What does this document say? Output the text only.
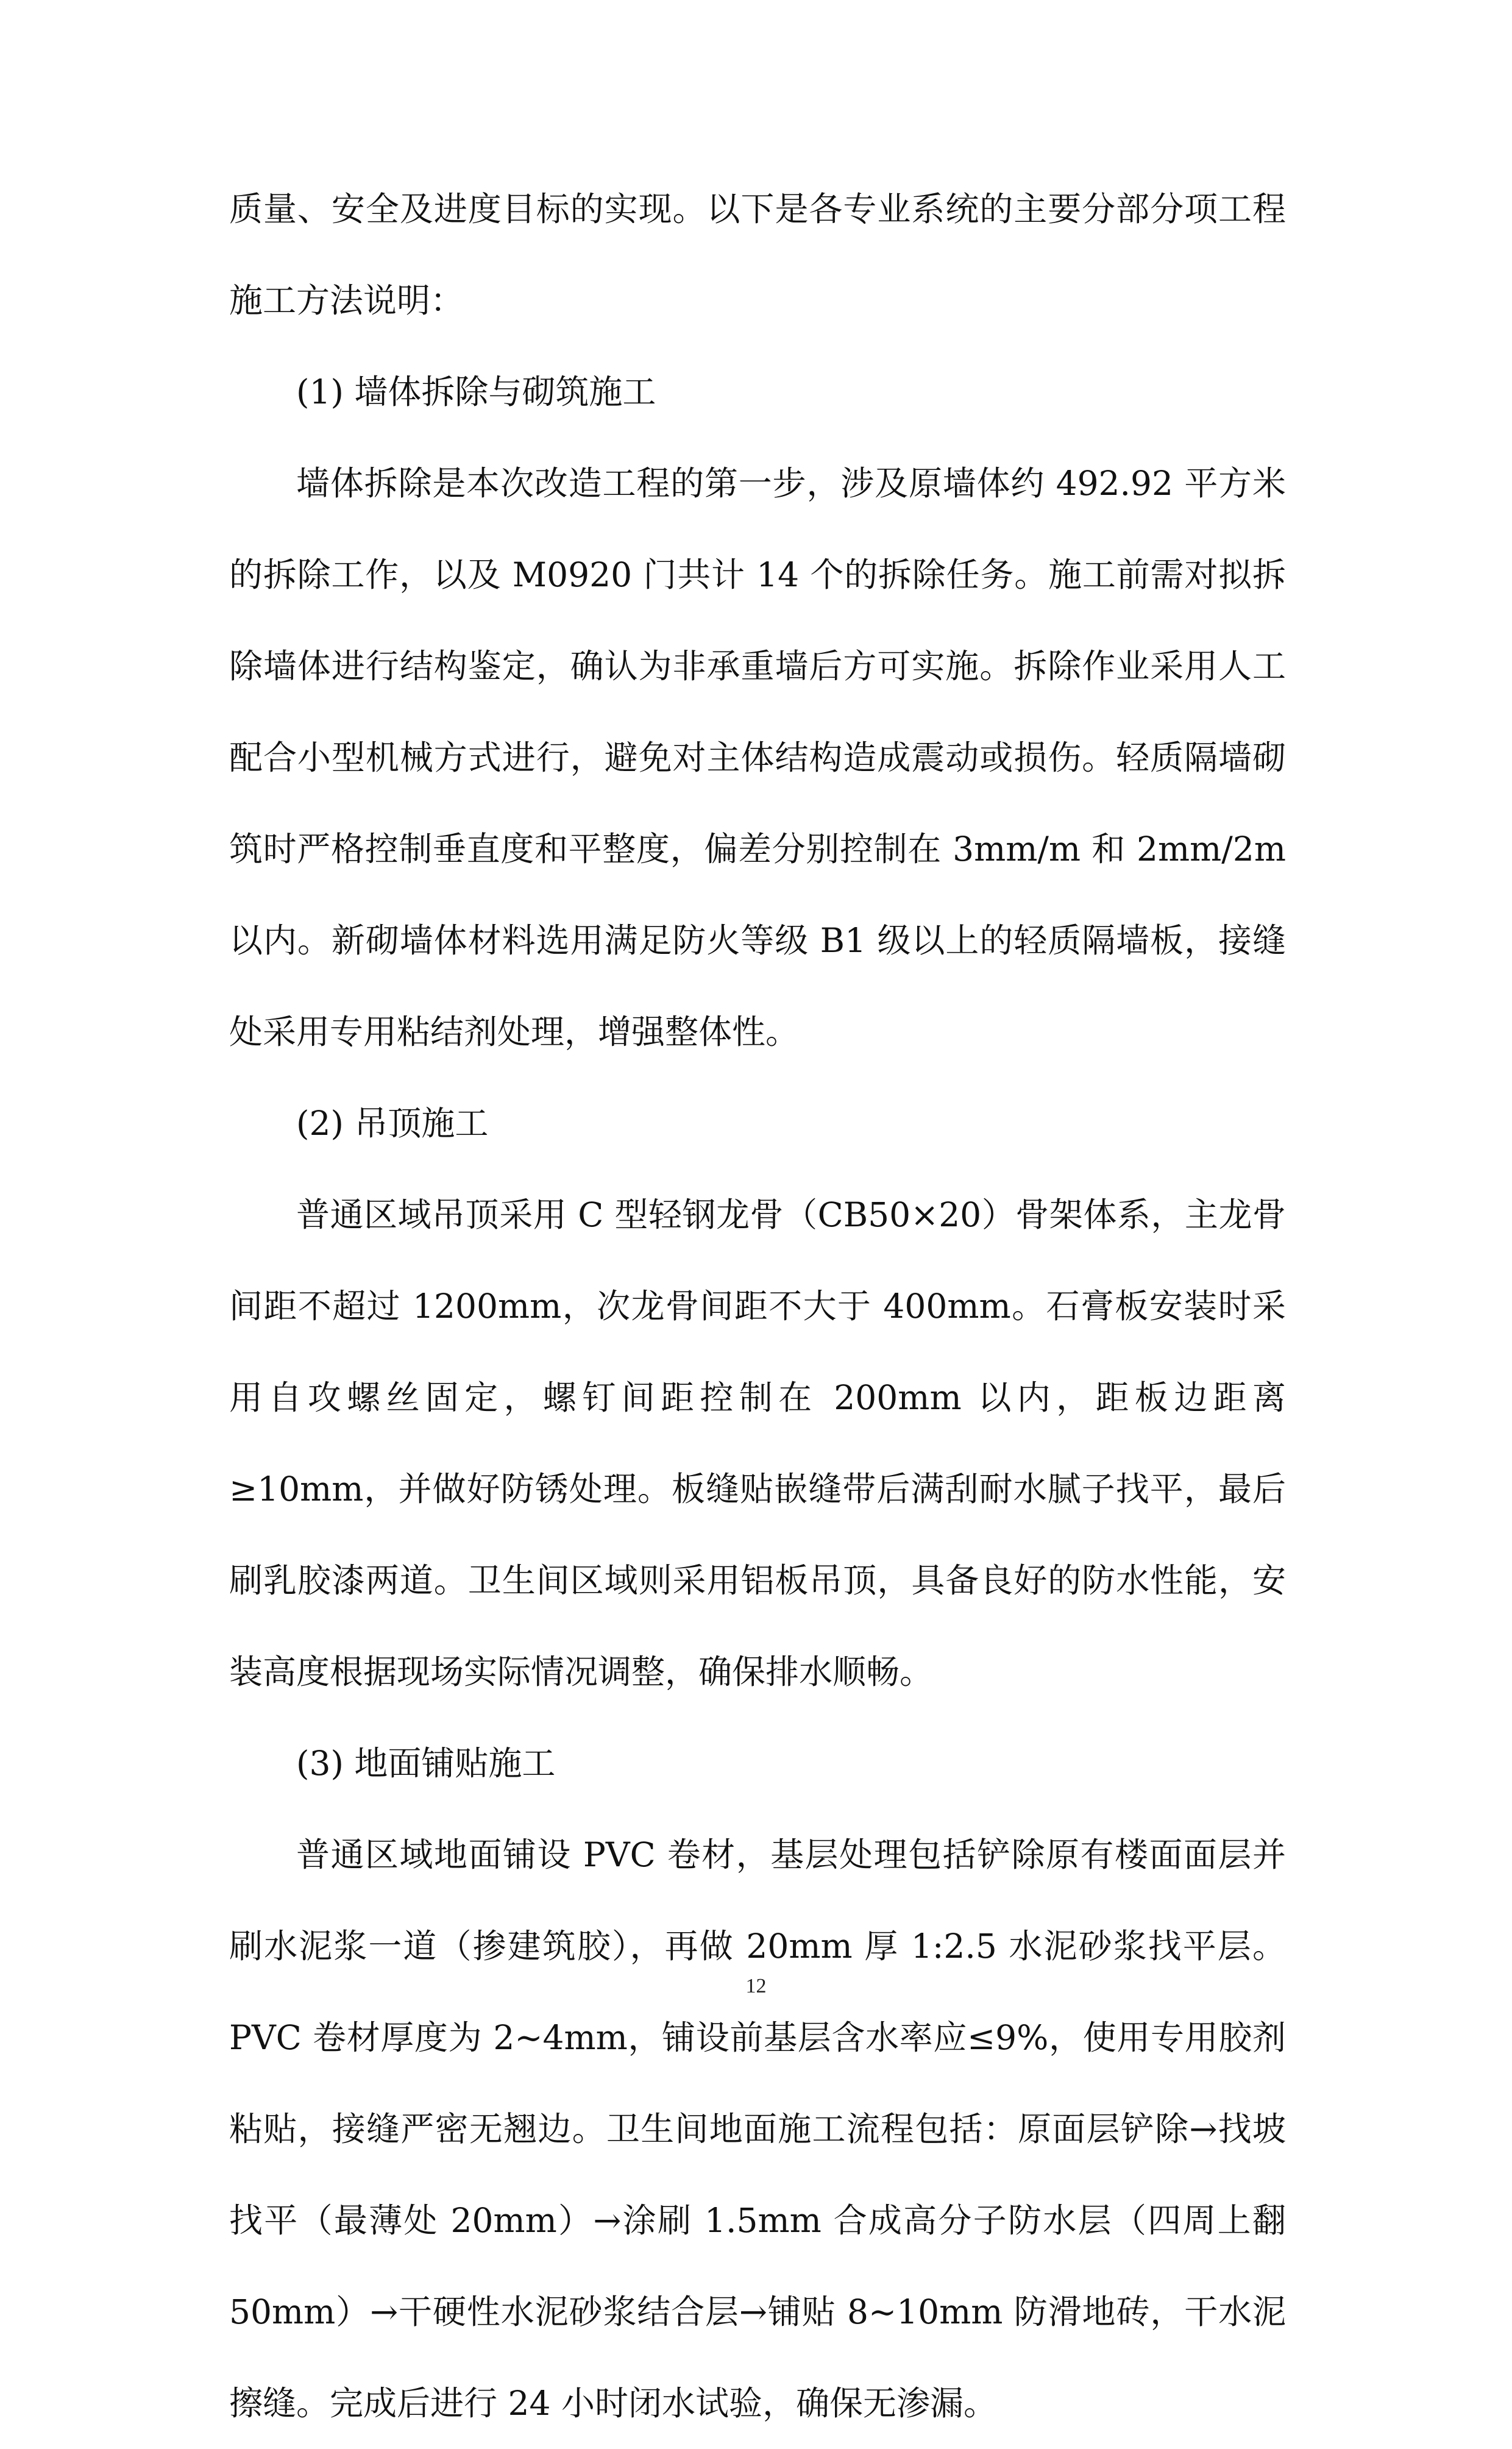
质量、安全及进度目标的实现。以下是各专业系统的主要分部分项工程施工方法说明：

(1) 墙体拆除与砌筑施工

墙体拆除是本次改造工程的第一步，涉及原墙体约 492.92 平方米的拆除工作，以及 M0920 门共计 14 个的拆除任务。施工前需对拟拆除墙体进行结构鉴定，确认为非承重墙后方可实施。拆除作业采用人工配合小型机械方式进行，避免对主体结构造成震动或损伤。轻质隔墙砌筑时严格控制垂直度和平整度，偏差分别控制在 3mm/m 和 2mm/2m 以内。新砌墙体材料选用满足防火等级 B1 级以上的轻质隔墙板，接缝处采用专用粘结剂处理，增强整体性。

(2) 吊顶施工

普通区域吊顶采用 C 型轻钢龙骨（CB50×20）骨架体系，主龙骨间距不超过 1200mm，次龙骨间距不大于 400mm。石膏板安装时采用自攻螺丝固定，螺钉间距控制在 200mm 以内，距板边距离≥10mm，并做好防锈处理。板缝贴嵌缝带后满刮耐水腻子找平，最后刷乳胶漆两道。卫生间区域则采用铝板吊顶，具备良好的防水性能，安装高度根据现场实际情况调整，确保排水顺畅。

(3) 地面铺贴施工

普通区域地面铺设 PVC 卷材，基层处理包括铲除原有楼面面层并刷水泥浆一道（掺建筑胶），再做 20mm 厚 1:2.5 水泥砂浆找平层。PVC 卷材厚度为 2~4mm，铺设前基层含水率应≤9%，使用专用胶剂粘贴，接缝严密无翘边。卫生间地面施工流程包括：原面层铲除→找坡找平（最薄处 20mm）→涂刷 1.5mm 合成高分子防水层（四周上翻 50mm）→干硬性水泥砂浆结合层→铺贴 8~10mm 防滑地砖，干水泥擦缝。完成后进行 24 小时闭水试验，确保无渗漏。

12
